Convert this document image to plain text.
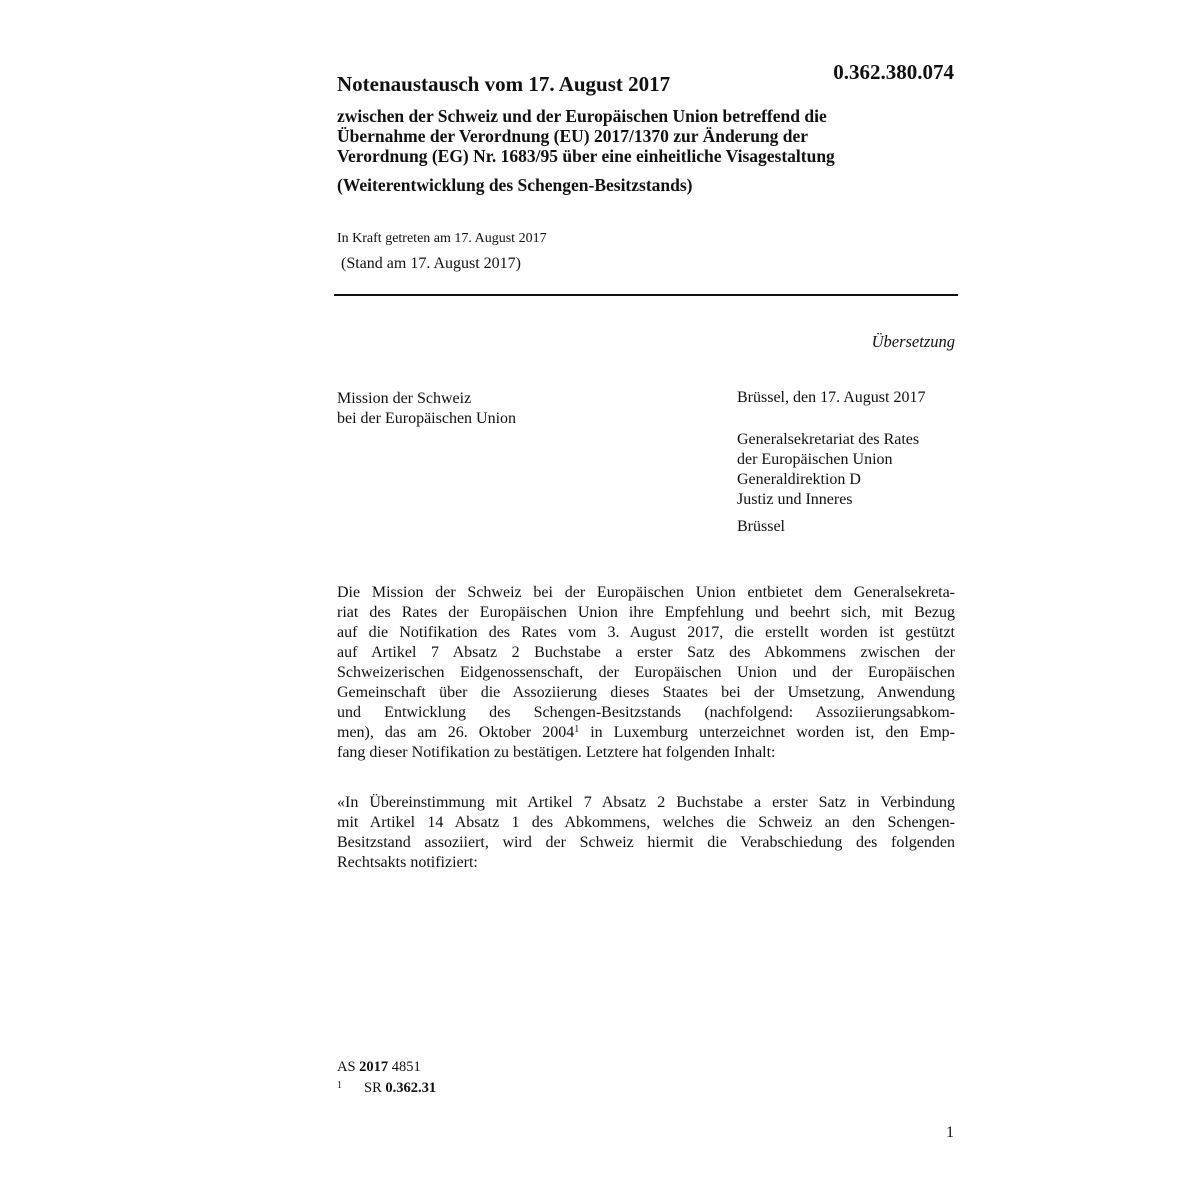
Notenaustausch vom 17. August 2017	0.362.380.074
zwischen der Schweiz und der Europäischen Union betreffend die
Übernahme der Verordnung (EU) 2017/1370 zur Änderung der
Verordnung (EG) Nr. 1683/95 über eine einheitliche Visagestaltung
(Weiterentwicklung des Schengen-Besitzstands)
In Kraft getreten am 17. August 2017
(Stand am 17. August 2017)
Übersetzung
Mission der Schweiz
bei der Europäischen Union
Brüssel, den 17. August 2017
Generalsekretariat des Rates
der Europäischen Union
Generaldirektion D
Justiz und Inneres
Brüssel
Die Mission der Schweiz bei der Europäischen Union entbietet dem Generalsekreta-
riat des Rates der Europäischen Union ihre Empfehlung und beehrt sich, mit Bezug
auf die Notifikation des Rates vom 3. August 2017, die erstellt worden ist gestützt
auf Artikel 7 Absatz 2 Buchstabe a erster Satz des Abkommens zwischen der
Schweizerischen Eidgenossenschaft, der Europäischen Union und der Europäischen
Gemeinschaft über die Assoziierung dieses Staates bei der Umsetzung, Anwendung
und Entwicklung des Schengen-Besitzstands (nachfolgend: Assoziierungsabkom-
men), das am 26. Oktober 2004$^1$ in Luxemburg unterzeichnet worden ist, den Emp-
fang dieser Notifikation zu bestätigen. Letztere hat folgenden Inhalt:
«In Übereinstimmung mit Artikel 7 Absatz 2 Buchstabe a erster Satz in Verbindung
mit Artikel 14 Absatz 1 des Abkommens, welches die Schweiz an den Schengen-
Besitzstand assoziiert, wird der Schweiz hiermit die Verabschiedung des folgenden
Rechtsakts notifiziert:
AS 2017 4851
$^1$ SR 0.362.31
1
